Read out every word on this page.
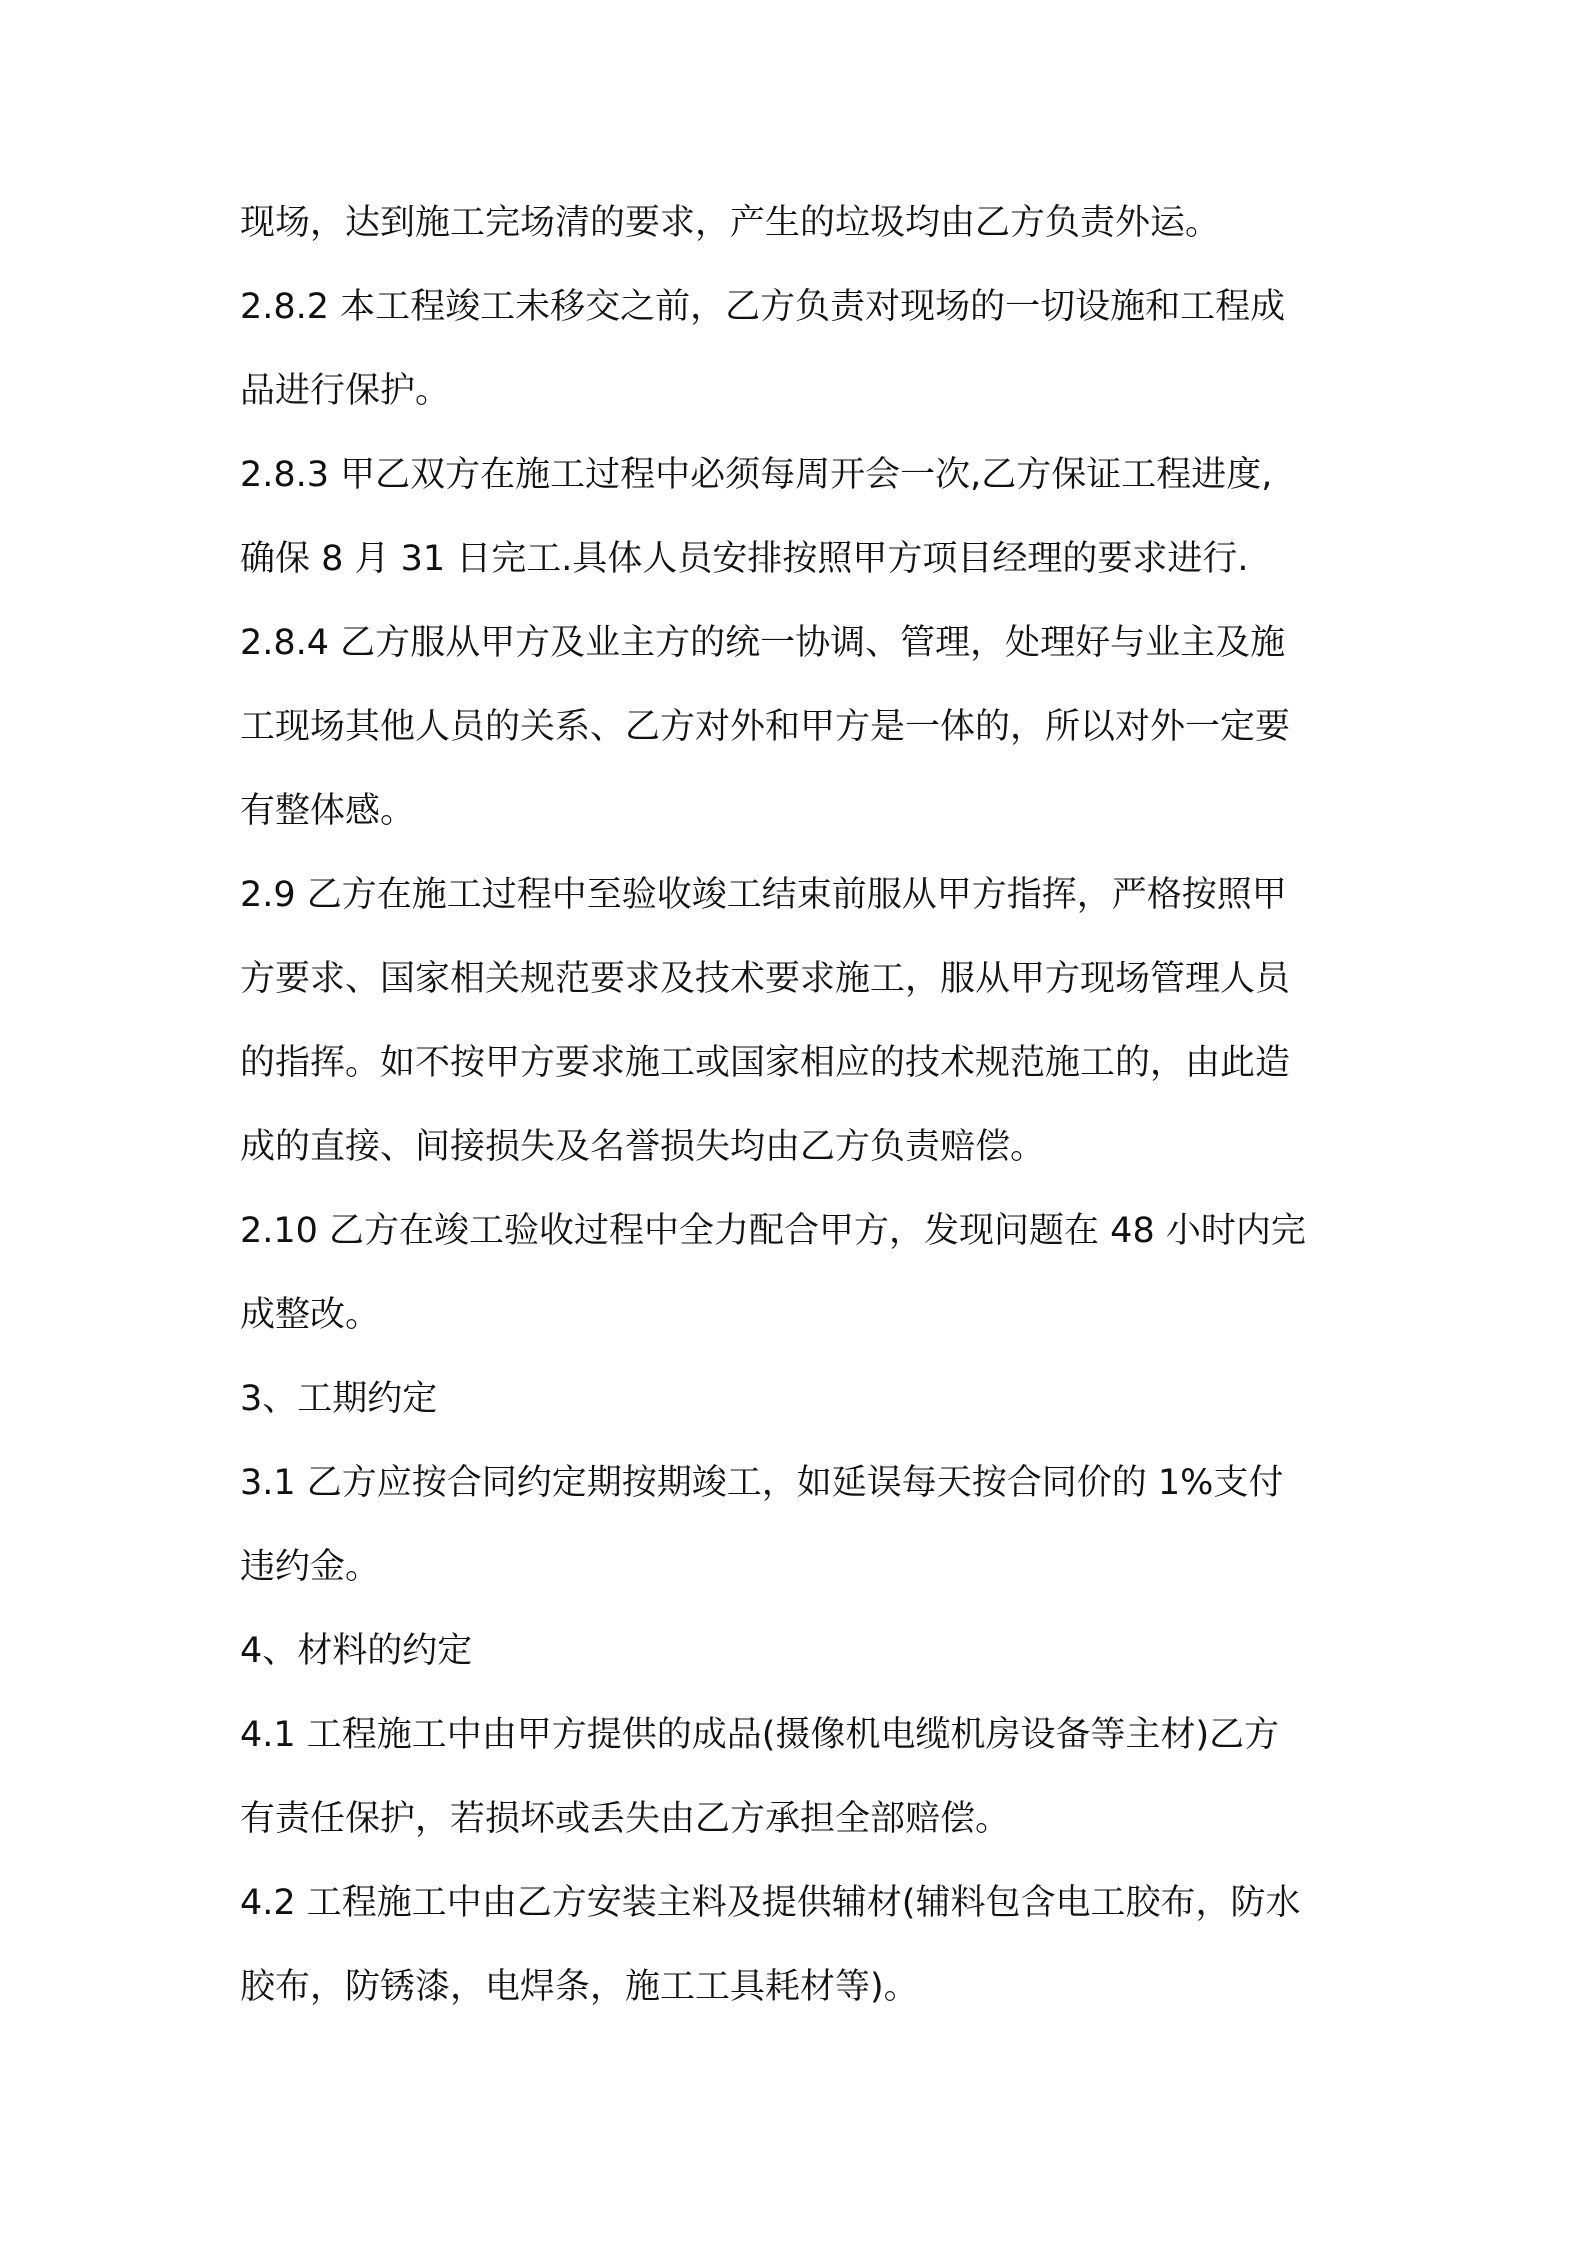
现场，达到施工完场清的要求，产生的垃圾均由乙方负责外运。
2.8.2 本工程竣工未移交之前，乙方负责对现场的一切设施和工程成
品进行保护。
2.8.3 甲乙双方在施工过程中必须每周开会一次,乙方保证工程进度,
确保 8 月 31 日完工.具体人员安排按照甲方项目经理的要求进行.
2.8.4 乙方服从甲方及业主方的统一协调、管理，处理好与业主及施
工现场其他人员的关系、乙方对外和甲方是一体的，所以对外一定要
有整体感。
2.9 乙方在施工过程中至验收竣工结束前服从甲方指挥，严格按照甲
方要求、国家相关规范要求及技术要求施工，服从甲方现场管理人员
的指挥。如不按甲方要求施工或国家相应的技术规范施工的，由此造
成的直接、间接损失及名誉损失均由乙方负责赔偿。
2.10 乙方在竣工验收过程中全力配合甲方，发现问题在 48 小时内完
成整改。
3、工期约定
3.1 乙方应按合同约定期按期竣工，如延误每天按合同价的 1%支付
违约金。
4、材料的约定
4.1 工程施工中由甲方提供的成品(摄像机电缆机房设备等主材)乙方
有责任保护，若损坏或丢失由乙方承担全部赔偿。
4.2 工程施工中由乙方安装主料及提供辅材(辅料包含电工胶布，防水
胶布，防锈漆，电焊条，施工工具耗材等)。
